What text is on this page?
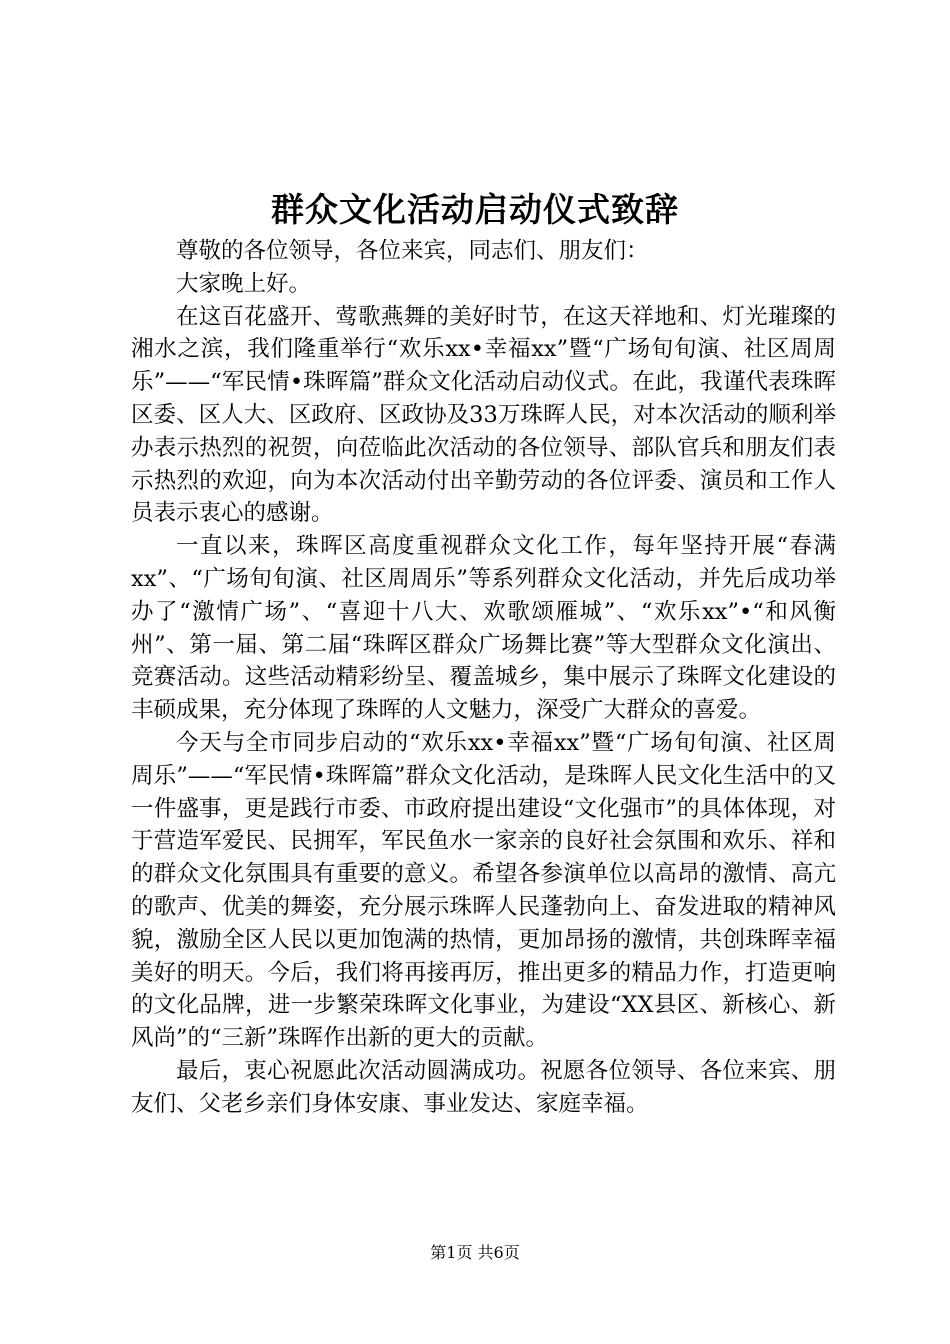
群众文化活动启动仪式致辞

尊敬的各位领导，各位来宾，同志们、朋友们：

大家晚上好。

在这百花盛开、莺歌燕舞的美好时节，在这天祥地和、灯光璀璨的湘水之滨，我们隆重举行“欢乐xx•幸福xx”暨“广场旬旬演、社区周周乐”——“军民情•珠晖篇”群众文化活动启动仪式。在此，我谨代表珠晖区委、区人大、区政府、区政协及33万珠晖人民，对本次活动的顺利举办表示热烈的祝贺，向莅临此次活动的各位领导、部队官兵和朋友们表示热烈的欢迎，向为本次活动付出辛勤劳动的各位评委、演员和工作人员表示衷心的感谢。

一直以来，珠晖区高度重视群众文化工作，每年坚持开展“春满xx”、“广场旬旬演、社区周周乐”等系列群众文化活动，并先后成功举办了“激情广场”、“喜迎十八大、欢歌颂雁城”、“欢乐xx”•“和风衡州”、第一届、第二届“珠晖区群众广场舞比赛”等大型群众文化演出、竞赛活动。这些活动精彩纷呈、覆盖城乡，集中展示了珠晖文化建设的丰硕成果，充分体现了珠晖的人文魅力，深受广大群众的喜爱。

今天与全市同步启动的“欢乐xx•幸福xx”暨“广场旬旬演、社区周周乐”——“军民情•珠晖篇”群众文化活动，是珠晖人民文化生活中的又一件盛事，更是践行市委、市政府提出建设“文化强市”的具体体现，对于营造军爱民、民拥军，军民鱼水一家亲的良好社会氛围和欢乐、祥和的群众文化氛围具有重要的意义。希望各参演单位以高昂的激情、高亢的歌声、优美的舞姿，充分展示珠晖人民蓬勃向上、奋发进取的精神风貌，激励全区人民以更加饱满的热情，更加昂扬的激情，共创珠晖幸福美好的明天。今后，我们将再接再厉，推出更多的精品力作，打造更响的文化品牌，进一步繁荣珠晖文化事业，为建设“XX县区、新核心、新风尚”的“三新”珠晖作出新的更大的贡献。

最后，衷心祝愿此次活动圆满成功。祝愿各位领导、各位来宾、朋友们、父老乡亲们身体安康、事业发达、家庭幸福。

第1页 共6页
